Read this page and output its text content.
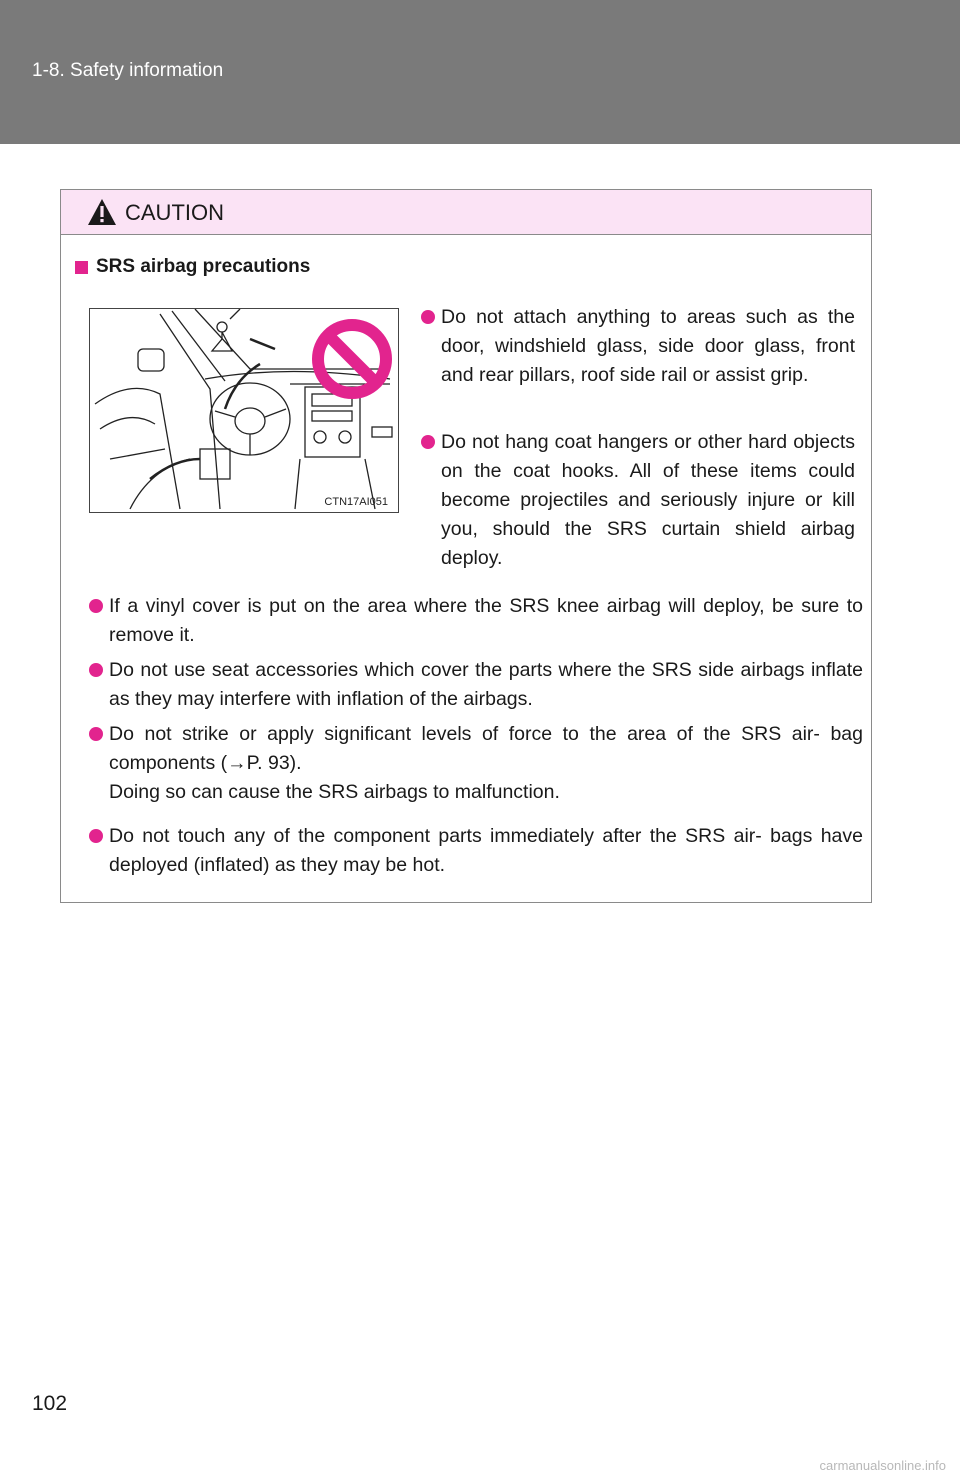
1-8. Safety information
CAUTION
SRS airbag precautions
CTN17AI051

Do not attach anything to areas such as the door, windshield glass, side door glass, front and rear pillars, roof side rail or assist grip.

Do not hang coat hangers or other hard objects on the coat hooks. All of these items could become projectiles and seriously injure or kill you, should the SRS curtain shield airbag deploy.

If a vinyl cover is put on the area where the SRS knee airbag will deploy, be sure to remove it.

Do not use seat accessories which cover the parts where the SRS side airbags inflate as they may interfere with inflation of the airbags.

Do not strike or apply significant levels of force to the area of the SRS air- bag components (→P. 93).

Doing so can cause the SRS airbags to malfunction.

Do not touch any of the component parts immediately after the SRS air- bags have deployed (inflated) as they may be hot.

102
carmanualsonline.info
